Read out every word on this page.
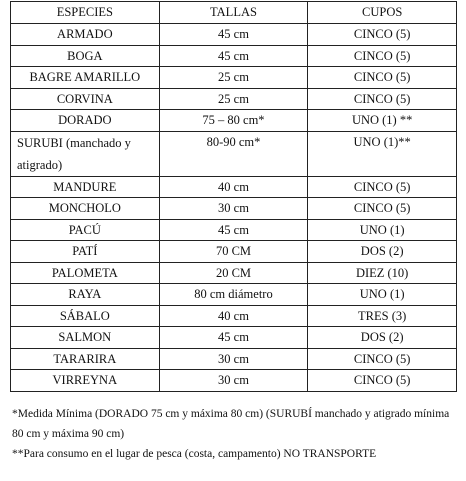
ESPECIES	TALLAS	CUPOS
ARMADO	45 cm	CINCO (5)
BOGA	45 cm	CINCO (5)
BAGRE AMARILLO	25 cm	CINCO (5)
CORVINA	25 cm	CINCO (5)
DORADO	75 – 80 cm*	UNO (1) **
SURUBI (manchado y atigrado)	80-90 cm*	UNO (1)**
MANDURE	40 cm	CINCO (5)
MONCHOLO	30 cm	CINCO (5)
PACÚ	45 cm	UNO (1)
PATÍ	70 CM	DOS (2)
PALOMETA	20 CM	DIEZ (10)
RAYA	80 cm diámetro	UNO (1)
SÁBALO	40 cm	TRES (3)
SALMON	45 cm	DOS (2)
TARARIRA	30 cm	CINCO (5)
VIRREYNA	30 cm	CINCO (5)

*Medida Mínima (DORADO 75 cm y máxima 80 cm) (SURUBÍ manchado y atigrado mínima 80 cm y máxima 90 cm)

**Para consumo en el lugar de pesca (costa, campamento) NO TRANSPORTE
